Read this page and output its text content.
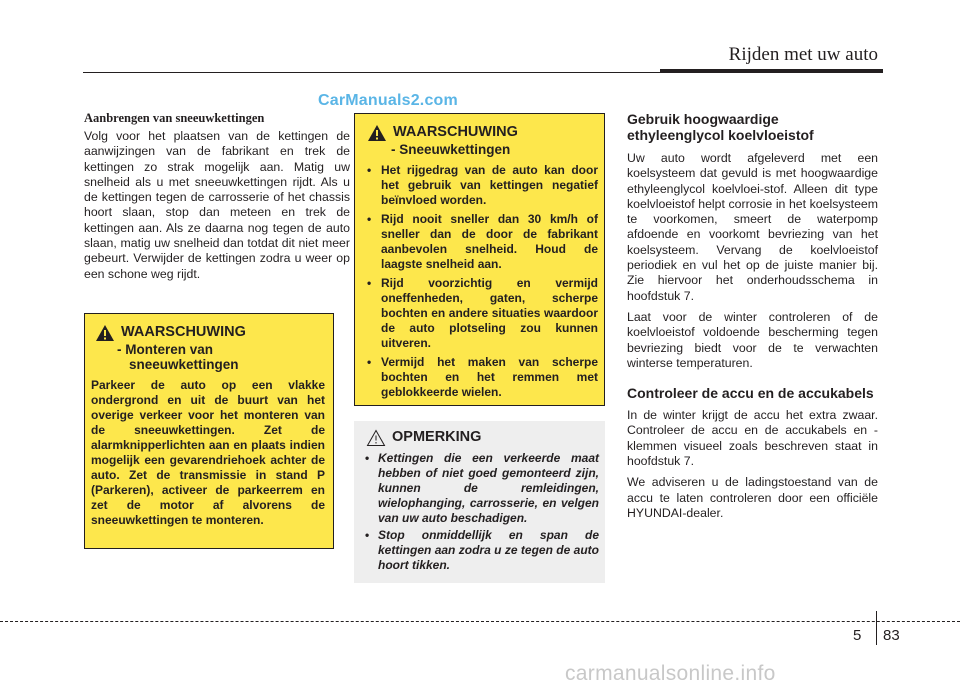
Rijden met uw auto
CarManuals2.com
Aanbrengen van sneeuwkettingen
Volg voor het plaatsen van de kettingen de aanwijzingen van de fabrikant en trek de kettingen zo strak mogelijk aan. Matig uw snelheid als u met sneeuwkettingen rijdt. Als u de kettingen tegen de carrosserie of het chassis hoort slaan, stop dan meteen en trek de kettingen aan. Als ze daarna nog tegen de auto slaan, matig uw snelheid dan totdat dit niet meer gebeurt. Verwijder de kettingen zodra u weer op een schone weg rijdt.
WAARSCHUWING
- Monteren van
sneeuwkettingen
Parkeer de auto op een vlakke ondergrond en uit de buurt van het overige verkeer voor het monteren van de sneeuwkettingen. Zet de alarmknipperlichten aan en plaats indien mogelijk een gevarendriehoek achter de auto. Zet de transmissie in stand P (Parkeren), activeer de parkeerrem en zet de motor af alvorens de sneeuwkettingen te monteren.
WAARSCHUWING
- Sneeuwkettingen
• Het rijgedrag van de auto kan door het gebruik van kettingen negatief beïnvloed worden.
• Rijd nooit sneller dan 30 km/h of sneller dan de door de fabrikant aanbevolen snelheid. Houd de laagste snelheid aan.
• Rijd voorzichtig en vermijd oneffenheden, gaten, scherpe bochten en andere situaties waardoor de auto plotseling zou kunnen uitveren.
• Vermijd het maken van scherpe bochten en het remmen met geblokkeerde wielen.
OPMERKING
• Kettingen die een verkeerde maat hebben of niet goed gemonteerd zijn, kunnen de remleidingen, wielophanging, carrosserie, en velgen van uw auto beschadigen.
• Stop onmiddellijk en span de kettingen aan zodra u ze tegen de auto hoort tikken.
Gebruik hoogwaardige ethyleenglycol koelvloeistof
Uw auto wordt afgeleverd met een koelsysteem dat gevuld is met hoogwaardige ethyleenglycol koelvloei-stof. Alleen dit type koelvloeistof helpt corrosie in het koelsysteem te voorkomen, smeert de waterpomp afdoende en voorkomt bevriezing van het koelsysteem. Vervang de koelvloeistof periodiek en vul het op de juiste manier bij. Zie hiervoor het onderhoudsschema in hoofdstuk 7.
Laat voor de winter controleren of de koelvloeistof voldoende bescherming tegen bevriezing biedt voor de te verwachten winterse temperaturen.
Controleer de accu en de accukabels
In de winter krijgt de accu het extra zwaar. Controleer de accu en de accukabels en -klemmen visueel zoals beschreven staat in hoofdstuk 7.
We adviseren u de ladingstoestand van de accu te laten controleren door een officiële HYUNDAI-dealer.
5 83
carmanualsonline.info
